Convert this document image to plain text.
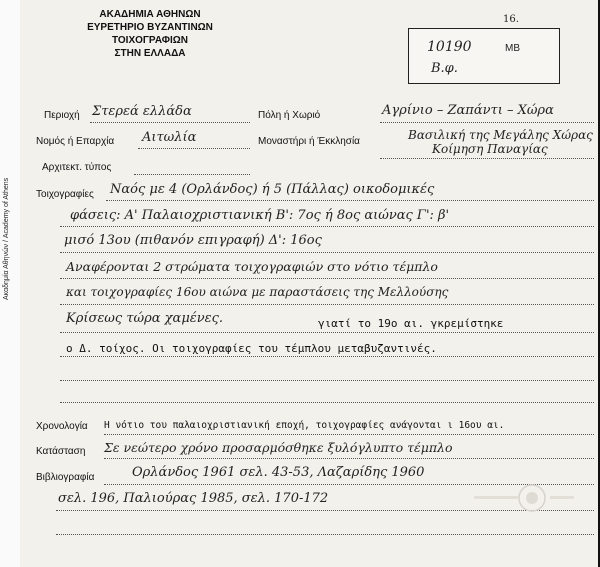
Ακαδημία Αθηνών / Academy of Athens
ΑΚΑΔΗΜΙΑ ΑΘΗΝΩΝ
ΕΥΡΕΤΗΡΙΟ ΒΥΖΑΝΤΙΝΩΝ ΤΟΙΧΟΓΡΑΦΙΩΝ
ΣΤΗΝ ΕΛΛΑΔΑ
16.
10190	MB
Β.φ.
Περιοχή Στερεά ελλάδα	Πόλη ή Χωριό	Αγρίνιο – Ζαπάντι – Χώρα
Νομός ή Επαρχία Αιτωλία	Μοναστήρι ή Έκκλησία	Βασιλική της Μεγάλης Χώρας
Κοίμηση Παναγίας
Αρχιτεκτ. τύπος
Τοιχογραφίες Ναός με 4 (Ορλάνδος) ή 5 (Πάλλας) οικοδομικές
φάσεις: Α' Παλαιοχριστιανική Β': 7ος ή 8ος αιώνας Γ': β'
μισό 13ου (πιθανόν επιγραφή) Δ': 16ος
Αναφέρονται 2 στρώματα τοιχογραφιών στο νότιο τέμπλο
και τοιχογραφίες 16ου αιώνα με παραστάσεις της Μελλούσης
Κρίσεως τώρα χαμένες.	γιατί το 19ο αι. γκρεμίστηκε
ο Δ. τοίχος. Οι τοιχογραφίες του τέμπλου μεταβυζαντινές.
Χρονολογία Η νότιο του παλαιοχριστιανική εποχή, τοιχογραφίες ανάγονται ι 16ου αι.
Κατάσταση Σε νεώτερο χρόνο προσαρμόσθηκε ξυλόγλυπτο τέμπλο
Βιβλιογραφία	Ορλάνδος 1961 σελ. 43-53, Λαζαρίδης 1960
σελ. 196, Παλιούρας 1985, σελ. 170-172
